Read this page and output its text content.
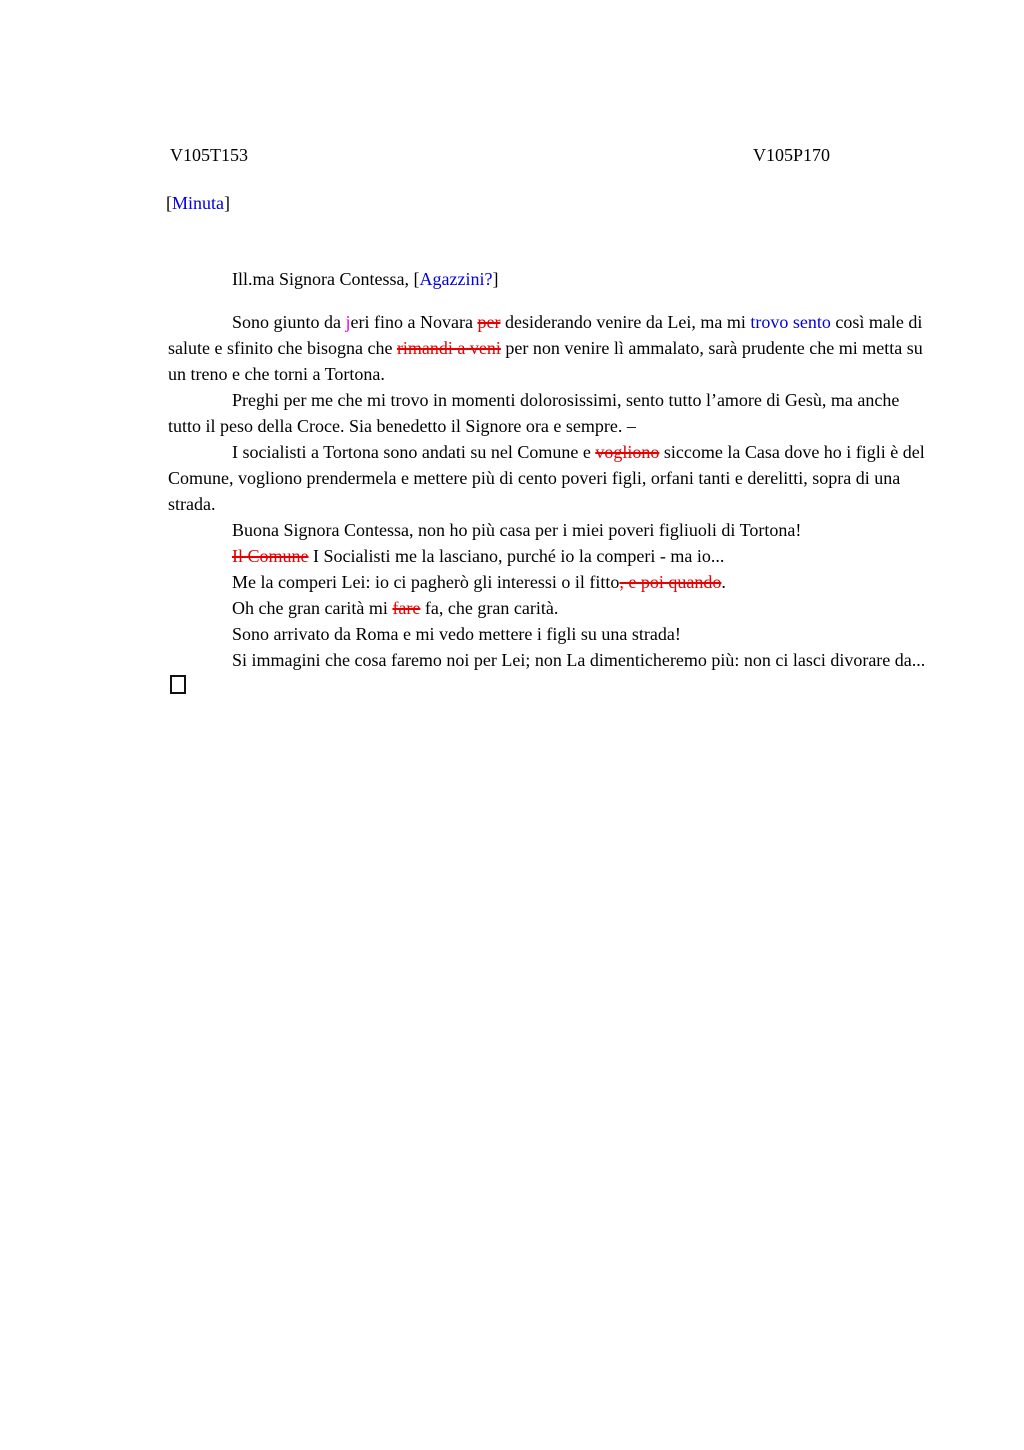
V105T153	V105P170
[Minuta]
Ill.ma Signora Contessa, [Agazzini?]

Sono giunto da jeri fino a Novara per desiderando venire da Lei, ma mi trovo sento così male di salute e sfinito che bisogna che rimandi a veni per non venire lì ammalato, sarà prudente che mi metta su un treno e che torni a Tortona.

Preghi per me che mi trovo in momenti dolorosissimi, sento tutto l’amore di Gesù, ma anche tutto il peso della Croce. Sia benedetto il Signore ora e sempre. –

I socialisti a Tortona sono andati su nel Comune e vogliono siccome la Casa dove ho i figli è del Comune, vogliono prendermela e mettere più di cento poveri figli, orfani tanti e derelitti, sopra di una strada.

Buona Signora Contessa, non ho più casa per i miei poveri figliuoli di Tortona!

Il Comune I Socialisti me la lasciano, purché io la comperi - ma io...

Me la comperi Lei: io ci pagherò gli interessi o il fitto, e poi quando.

Oh che gran carità mi fare fa, che gran carità.

Sono arrivato da Roma e mi vedo mettere i figli su una strada!

Si immagini che cosa faremo noi per Lei; non La dimenticheremo più: non ci lasci divorare da...
